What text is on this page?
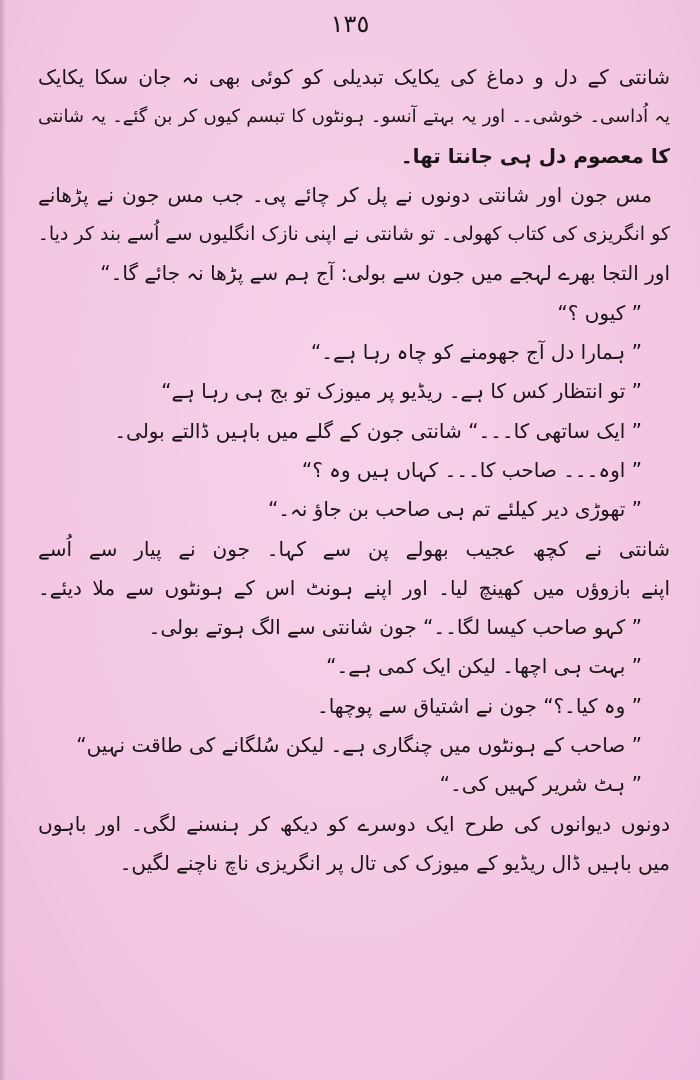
١٣٥
شانتی کے دل و دماغ کی یکایک تبدیلی کو کوئی بھی نہ جان سکا یکایک
یہ اُداسی۔ خوشی۔۔ اور یہ بہتے آنسو۔ ہونٹوں کا تبسم کیوں کر بن گئے۔ یہ شانتی
کا معصوم دل ہی جانتا تھا۔
مس جون اور شانتی دونوں نے پل کر چائے پی۔ جب مس جون نے پڑھانے
کو انگریزی کی کتاب کھولی۔ تو شانتی نے اپنی نازک انگلیوں سے اُسے بند کر دیا۔
اور التجا بھرے لہجے میں جون سے بولی: آج ہم سے پڑھا نہ جائے گا۔“
” کیوں ؟“
” ہمارا دل آج جھومنے کو چاہ رہا ہے۔“
” تو انتظار کس کا ہے۔ ریڈیو پر میوزک تو بج ہی رہا ہے“
” ایک ساتھی کا۔۔۔“ شانتی جون کے گلے میں باہیں ڈالتے بولی۔
” اوہ۔۔۔ صاحب کا۔۔۔ کہاں ہیں وہ ؟“
” تھوڑی دیر کیلئے تم ہی صاحب بن جاؤ نہ۔“
شانتی نے کچھ عجیب بھولے پن سے کہا۔ جون نے پیار سے اُسے
اپنے بازوؤں میں کھینچ لیا۔ اور اپنے ہونٹ اس کے ہونٹوں سے ملا دیئے۔
” کہو صاحب کیسا لگا۔۔“ جون شانتی سے الگ ہوتے بولی۔
” بہت ہی اچھا۔ لیکن ایک کمی ہے۔“
” وہ کیا۔؟“ جون نے اشتیاق سے پوچھا۔
” صاحب کے ہونٹوں میں چنگاری ہے۔ لیکن سُلگانے کی طاقت نہیں“
” ہٹ شریر کہیں کی۔“
دونوں دیوانوں کی طرح ایک دوسرے کو دیکھ کر ہنسنے لگی۔ اور باہوں
میں باہیں ڈال ریڈیو کے میوزک کی تال پر انگریزی ناچ ناچنے لگیں۔
